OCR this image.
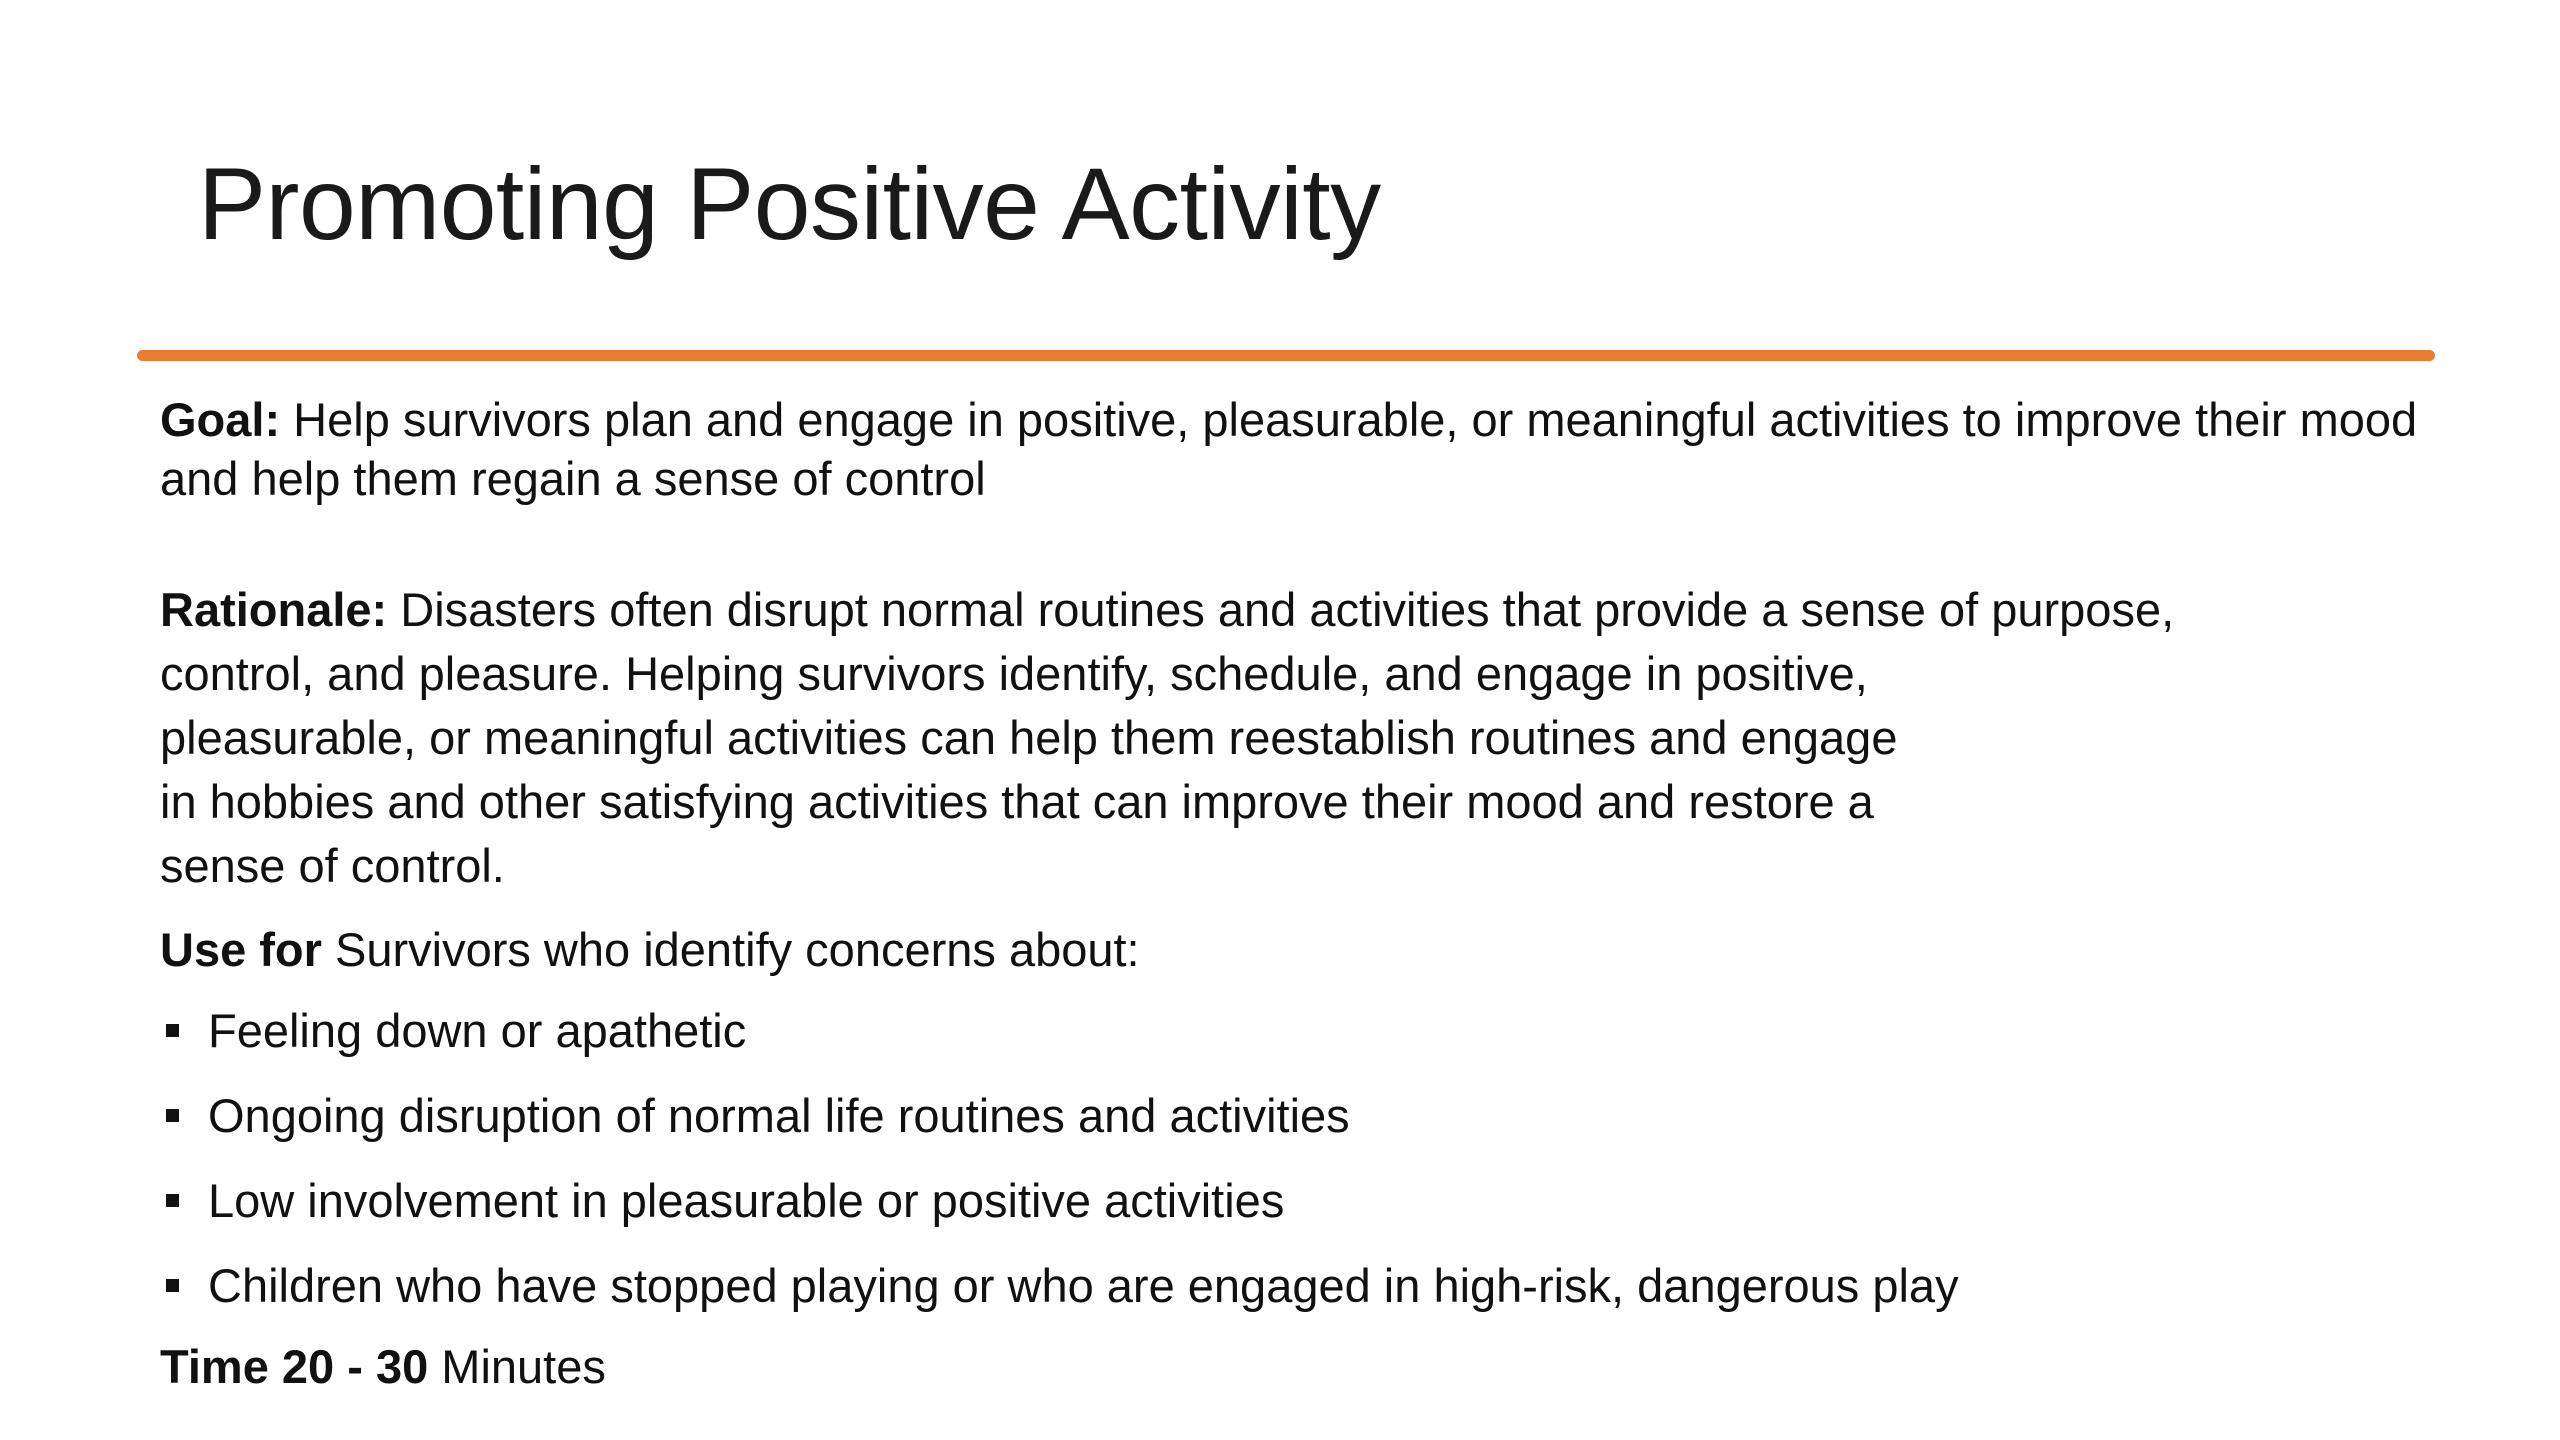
Promoting Positive Activity

Goal: Help survivors plan and engage in positive, pleasurable, or meaningful activities to improve their mood and help them regain a sense of control

Rationale: Disasters often disrupt normal routines and activities that provide a sense of purpose,
control, and pleasure. Helping survivors identify, schedule, and engage in positive,
pleasurable, or meaningful activities can help them reestablish routines and engage
in hobbies and other satisfying activities that can improve their mood and restore a
sense of control.

Use for Survivors who identify concerns about:

Feeling down or apathetic
Ongoing disruption of normal life routines and activities
Low involvement in pleasurable or positive activities
Children who have stopped playing or who are engaged in high-risk, dangerous play

Time 20 - 30 Minutes
